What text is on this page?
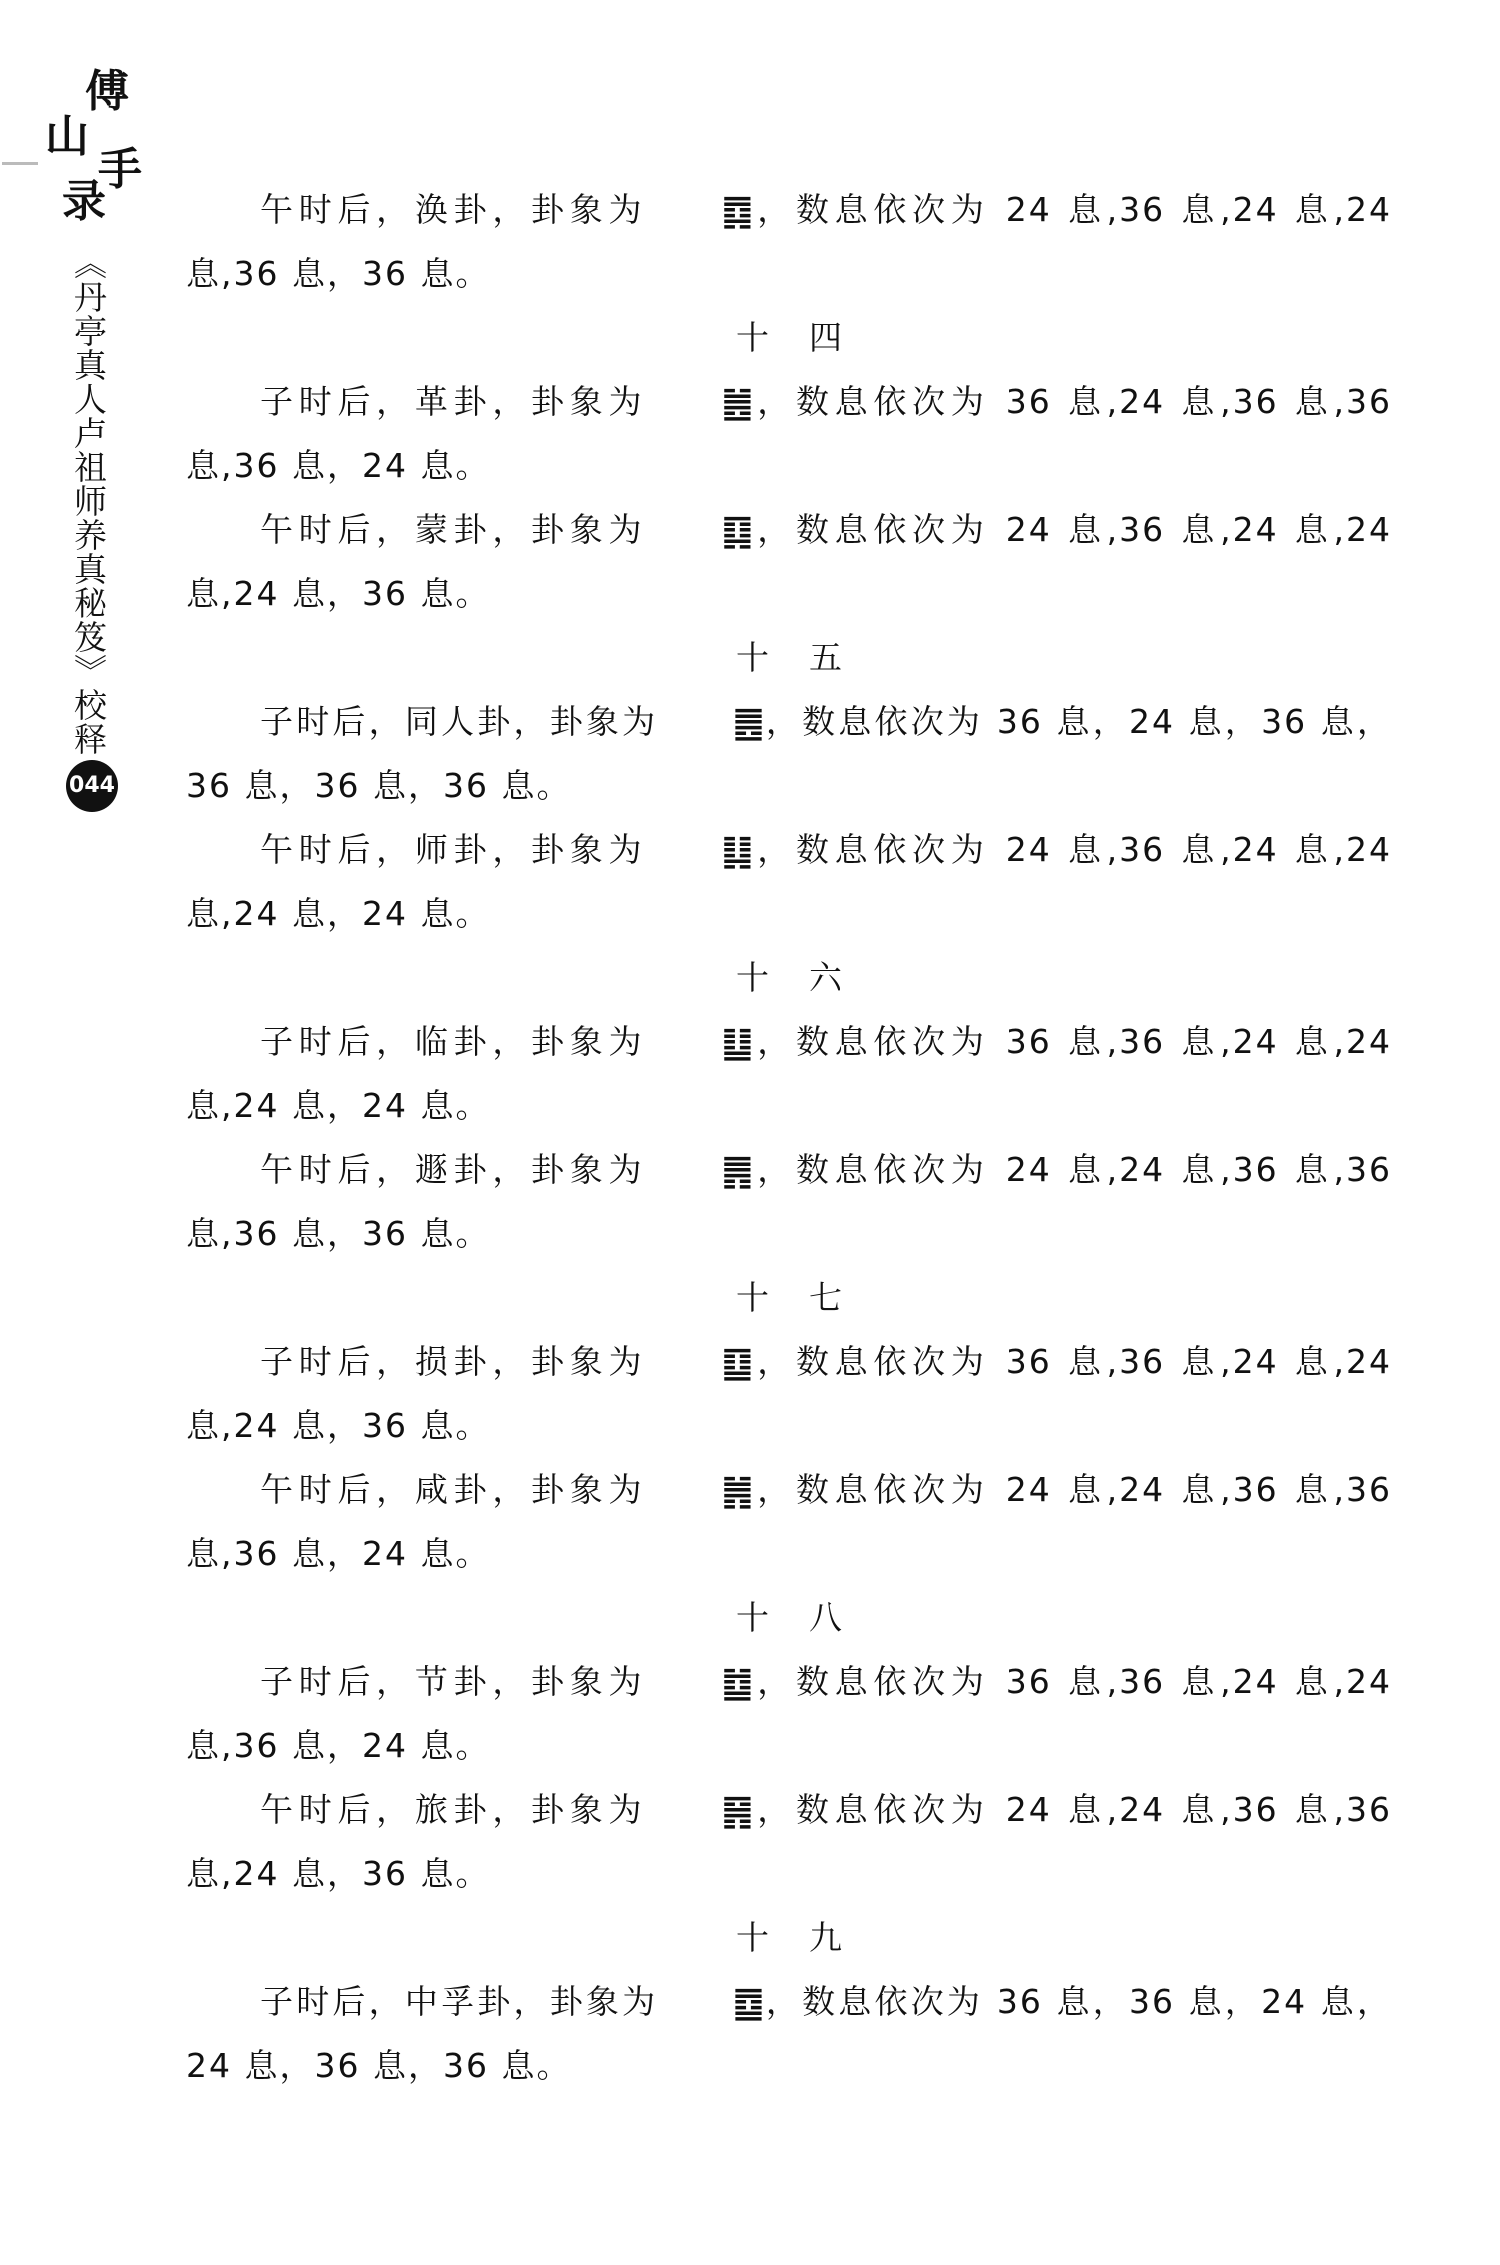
傅
山
手
录
《丹亭真人卢祖师养真秘笈》校释
044

午时后，涣卦，卦象为 ䷺，数息依次为 24 息,36 息,24 息,24 息,36 息，36 息。

十四

子时后，革卦，卦象为 ䷰，数息依次为 36 息,24 息,36 息,36 息,36 息，24 息。

午时后，蒙卦，卦象为 ䷃，数息依次为 24 息,36 息,24 息,24 息,24 息，36 息。

十五

子时后，同人卦，卦象为 ䷌，数息依次为 36 息，24 息，36 息，36 息，36 息，36 息。

午时后，师卦，卦象为 ䷆，数息依次为 24 息,36 息,24 息,24 息,24 息，24 息。

十六

子时后，临卦，卦象为 ䷒，数息依次为 36 息,36 息,24 息,24 息,24 息，24 息。

午时后，遯卦，卦象为 ䷠，数息依次为 24 息,24 息,36 息,36 息,36 息，36 息。

十七

子时后，损卦，卦象为 ䷨，数息依次为 36 息,36 息,24 息,24 息,24 息，36 息。

午时后，咸卦，卦象为 ䷞，数息依次为 24 息,24 息,36 息,36 息,36 息，24 息。

十八

子时后，节卦，卦象为 ䷻，数息依次为 36 息,36 息,24 息,24 息,36 息，24 息。

午时后，旅卦，卦象为 ䷷，数息依次为 24 息,24 息,36 息,36 息,24 息，36 息。

十九

子时后，中孚卦，卦象为 ䷼，数息依次为 36 息，36 息，24 息，24 息，36 息，36 息。
